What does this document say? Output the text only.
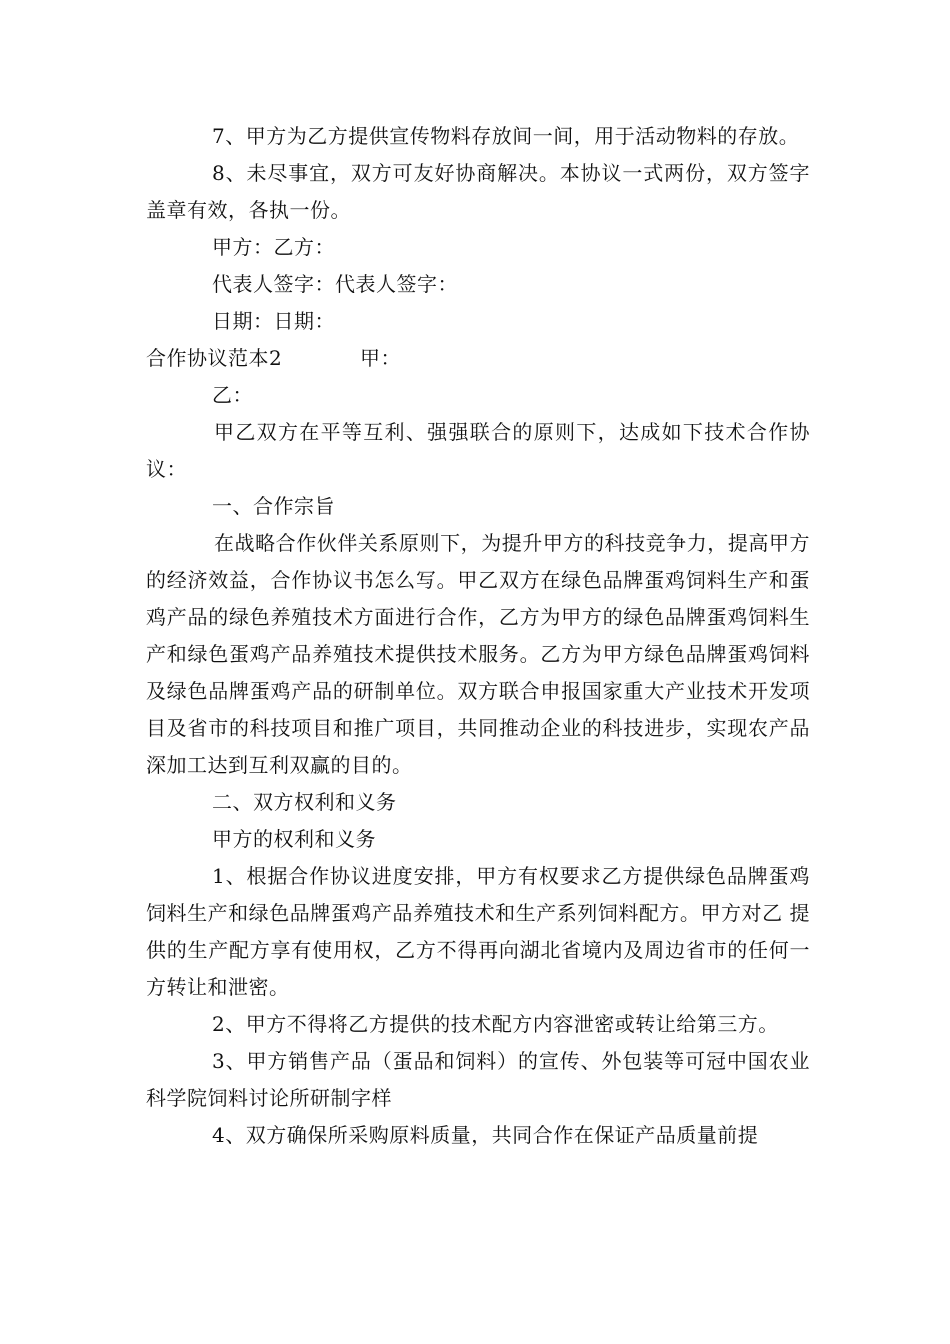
7、甲方为乙方提供宣传物料存放间一间，用于活动物料的存放。

8、未尽事宜，双方可友好协商解决。本协议一式两份，双方签字盖章有效，各执一份。

甲方：乙方：

代表人签字：代表人签字：

日期：日期：

合作协议范本2	甲：

乙：

甲乙双方在平等互利、强强联合的原则下，达成如下技术合作协议：

一、合作宗旨

在战略合作伙伴关系原则下，为提升甲方的科技竞争力，提高甲方的经济效益，合作协议书怎么写。甲乙双方在绿色品牌蛋鸡饲料生产和蛋鸡产品的绿色养殖技术方面进行合作，乙方为甲方的绿色品牌蛋鸡饲料生产和绿色蛋鸡产品养殖技术提供技术服务。乙方为甲方绿色品牌蛋鸡饲料及绿色品牌蛋鸡产品的研制单位。双方联合申报国家重大产业技术开发项目及省市的科技项目和推广项目，共同推动企业的科技进步，实现农产品深加工达到互利双赢的目的。

二、双方权利和义务

甲方的权利和义务

1、根据合作协议进度安排，甲方有权要求乙方提供绿色品牌蛋鸡饲料生产和绿色品牌蛋鸡产品养殖技术和生产系列饲料配方。甲方对乙 提供的生产配方享有使用权，乙方不得再向湖北省境内及周边省市的任何一方转让和泄密。

2、甲方不得将乙方提供的技术配方内容泄密或转让给第三方。

3、甲方销售产品（蛋品和饲料）的宣传、外包装等可冠中国农业科学院饲料讨论所研制字样

4、双方确保所采购原料质量，共同合作在保证产品质量前提
